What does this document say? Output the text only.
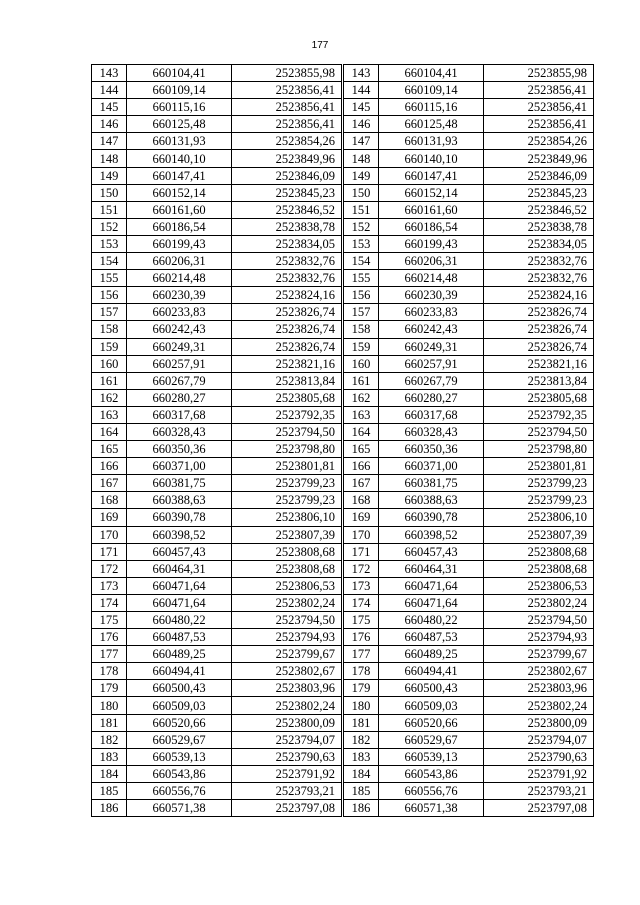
177
143	660104,41	2523855,98
144	660109,14	2523856,41
145	660115,16	2523856,41
146	660125,48	2523856,41
147	660131,93	2523854,26
148	660140,10	2523849,96
149	660147,41	2523846,09
150	660152,14	2523845,23
151	660161,60	2523846,52
152	660186,54	2523838,78
153	660199,43	2523834,05
154	660206,31	2523832,76
155	660214,48	2523832,76
156	660230,39	2523824,16
157	660233,83	2523826,74
158	660242,43	2523826,74
159	660249,31	2523826,74
160	660257,91	2523821,16
161	660267,79	2523813,84
162	660280,27	2523805,68
163	660317,68	2523792,35
164	660328,43	2523794,50
165	660350,36	2523798,80
166	660371,00	2523801,81
167	660381,75	2523799,23
168	660388,63	2523799,23
169	660390,78	2523806,10
170	660398,52	2523807,39
171	660457,43	2523808,68
172	660464,31	2523808,68
173	660471,64	2523806,53
174	660471,64	2523802,24
175	660480,22	2523794,50
176	660487,53	2523794,93
177	660489,25	2523799,67
178	660494,41	2523802,67
179	660500,43	2523803,96
180	660509,03	2523802,24
181	660520,66	2523800,09
182	660529,67	2523794,07
183	660539,13	2523790,63
184	660543,86	2523791,92
185	660556,76	2523793,21
186	660571,38	2523797,08
143	660104,41	2523855,98
144	660109,14	2523856,41
145	660115,16	2523856,41
146	660125,48	2523856,41
147	660131,93	2523854,26
148	660140,10	2523849,96
149	660147,41	2523846,09
150	660152,14	2523845,23
151	660161,60	2523846,52
152	660186,54	2523838,78
153	660199,43	2523834,05
154	660206,31	2523832,76
155	660214,48	2523832,76
156	660230,39	2523824,16
157	660233,83	2523826,74
158	660242,43	2523826,74
159	660249,31	2523826,74
160	660257,91	2523821,16
161	660267,79	2523813,84
162	660280,27	2523805,68
163	660317,68	2523792,35
164	660328,43	2523794,50
165	660350,36	2523798,80
166	660371,00	2523801,81
167	660381,75	2523799,23
168	660388,63	2523799,23
169	660390,78	2523806,10
170	660398,52	2523807,39
171	660457,43	2523808,68
172	660464,31	2523808,68
173	660471,64	2523806,53
174	660471,64	2523802,24
175	660480,22	2523794,50
176	660487,53	2523794,93
177	660489,25	2523799,67
178	660494,41	2523802,67
179	660500,43	2523803,96
180	660509,03	2523802,24
181	660520,66	2523800,09
182	660529,67	2523794,07
183	660539,13	2523790,63
184	660543,86	2523791,92
185	660556,76	2523793,21
186	660571,38	2523797,08
